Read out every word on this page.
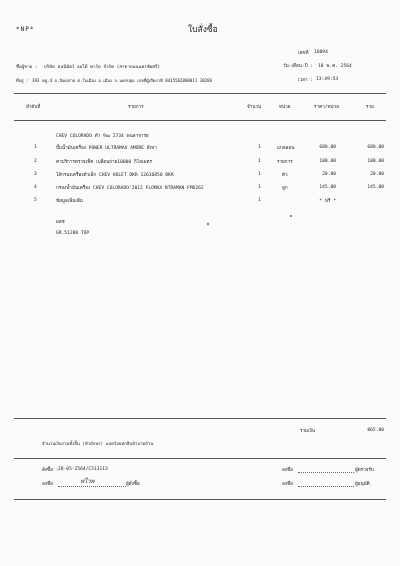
*NP*	ใบสั่งซื้อ
เลขที่ 16094
ชื่อผู้ขาย : บริษัท ธนนิมิตร์ ออโต้ พาร์ท จำกัด (สาขาถนนนครชัยศรี)	วัน-เดือน-ปี : 18 พ.ค. 2564
ที่อยู่ : 393 หมู่.4 ถ.นิคมสาย ต.ในเมือง อ.เมือง จ.นครปฐม เลขที่ผู้เสียภาษี 0415562000011 30286	เวลา : 13:49:53
ลำดับที่	รายการ	จำนวน	หน่วย	ราคา/หน่วย	รวม
CHEV COLORADO ดำ 9ฒ 2734 พนลาจารย
1	ปั๊มน้ำมันเครื่อง POWER ULTRAMAX AMORE สีเทา	1	แกลลอน	680.00	680.00
2	ค่าบริการตรวจเช็ค เปลี่ยนถ่าย10000 กิโลเมตร	1	รายการ	180.00	180.00
3	ไส้กรองเครื่องตัวเล็ก CHEV HOLET DKR 12616850 DKR	1	ตัว	20.00	20.00
4	กรองน้ำมันเครื่อง CHEV COLORADO'2012 FLOMAX NTRAMAN FMO262	1	ลูก	145.00	145.00
5	ข้อมูลเพิ่มเติม	1	* ฟรี *
ผลช
GR.51280 TOP
รวมเงิน	865.00
จำนวนเงินรวมทั้งสิ้น (ตัวอักษร) แปดร้อยหกสิบห้าบาทถ้วน
สั่งซื้อ : 28-05-2564/C513113
ลงชื่อ	ฟใวพ	ผู้สั่งซื้อ
ลงชื่อ	ผู้ตรวจรับ
ลงชื่อ	ผู้อนุมัติ
